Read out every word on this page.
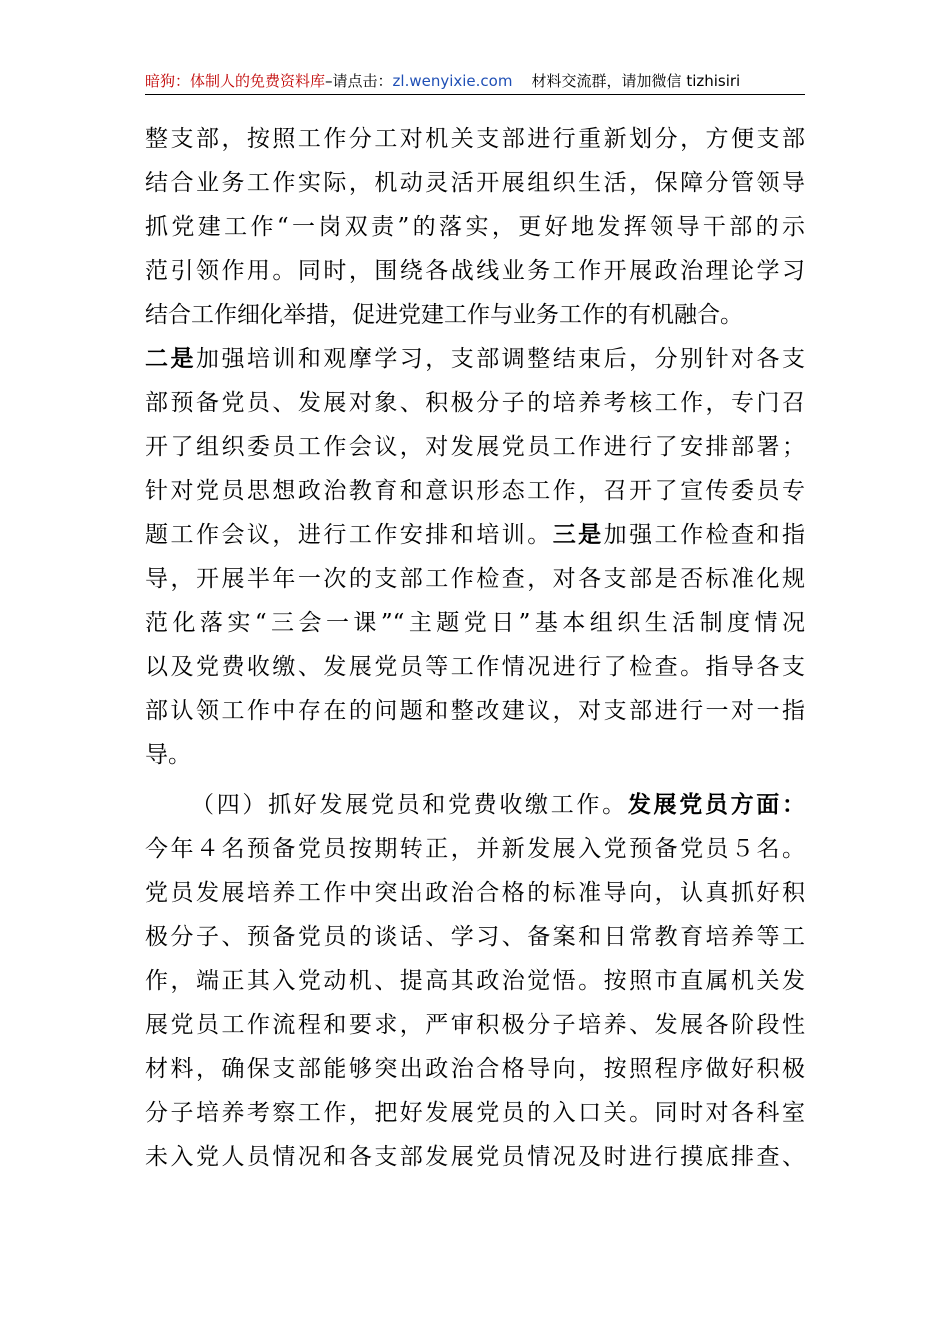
暗狗：体制人的免费资料库–请点击：zl.wenyixie.com 材料交流群，请加微信 tizhisiri
整支部，按照工作分工对机关支部进行重新划分，方便支部
结合业务工作实际，机动灵活开展组织生活，保障分管领导
抓党建工作“一岗双责”的落实，更好地发挥领导干部的示
范引领作用。同时，围绕各战线业务工作开展政治理论学习
结合工作细化举措，促进党建工作与业务工作的有机融合。
二是加强培训和观摩学习，支部调整结束后，分别针对各支
部预备党员、发展对象、积极分子的培养考核工作，专门召
开了组织委员工作会议，对发展党员工作进行了安排部署；
针对党员思想政治教育和意识形态工作，召开了宣传委员专
题工作会议，进行工作安排和培训。三是加强工作检查和指
导，开展半年一次的支部工作检查，对各支部是否标准化规
范化落实“三会一课”“主题党日”基本组织生活制度情况
以及党费收缴、发展党员等工作情况进行了检查。指导各支
部认领工作中存在的问题和整改建议，对支部进行一对一指
导。
（四）抓好发展党员和党费收缴工作。发展党员方面：
今年４名预备党员按期转正，并新发展入党预备党员５名。
党员发展培养工作中突出政治合格的标准导向，认真抓好积
极分子、预备党员的谈话、学习、备案和日常教育培养等工
作，端正其入党动机、提高其政治觉悟。按照市直属机关发
展党员工作流程和要求，严审积极分子培养、发展各阶段性
材料，确保支部能够突出政治合格导向，按照程序做好积极
分子培养考察工作，把好发展党员的入口关。同时对各科室
未入党人员情况和各支部发展党员情况及时进行摸底排查、
